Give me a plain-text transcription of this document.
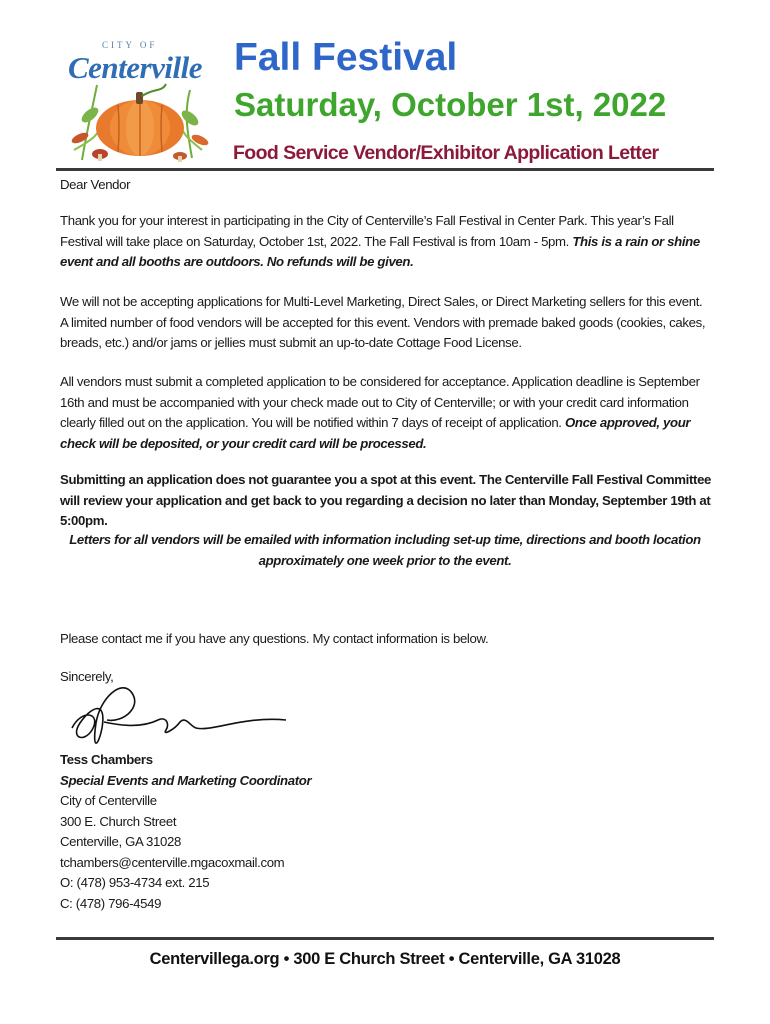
CITY OF
Centerville Fall Festival
Saturday, October 1st, 2022
Food Service Vendor/Exhibitor Application Letter

Dear Vendor

Thank you for your interest in participating in the City of Centerville’s Fall Festival in Center Park. This year’s Fall Festival will take place on Saturday, October 1st, 2022. The Fall Festival is from 10am - 5pm. This is a rain or shine event and all booths are outdoors. No refunds will be given.

We will not be accepting applications for Multi-Level Marketing, Direct Sales, or Direct Marketing sellers for this event. A limited number of food vendors will be accepted for this event. Vendors with premade baked goods (cookies, cakes, breads, etc.) and/or jams or jellies must submit an up-to-date Cottage Food License.

All vendors must submit a completed application to be considered for acceptance. Application deadline is September 16th and must be accompanied with your check made out to City of Centerville; or with your credit card information clearly filled out on the application. You will be notified within 7 days of receipt of application. Once approved, your check will be deposited, or your credit card will be processed.

Submitting an application does not guarantee you a spot at this event. The Centerville Fall Festival Committee will review your application and get back to you regarding a decision no later than Monday, September 19th at 5:00pm.

Letters for all vendors will be emailed with information including set-up time, directions and booth location approximately one week prior to the event.

Please contact me if you have any questions. My contact information is below.

Sincerely,

Tess Chambers
Special Events and Marketing Coordinator
City of Centerville
300 E. Church Street
Centerville, GA 31028
tchambers@centerville.mgacoxmail.com
O: (478) 953-4734 ext. 215
C: (478) 796-4549

Centervillega.org • 300 E Church Street • Centerville, GA 31028
